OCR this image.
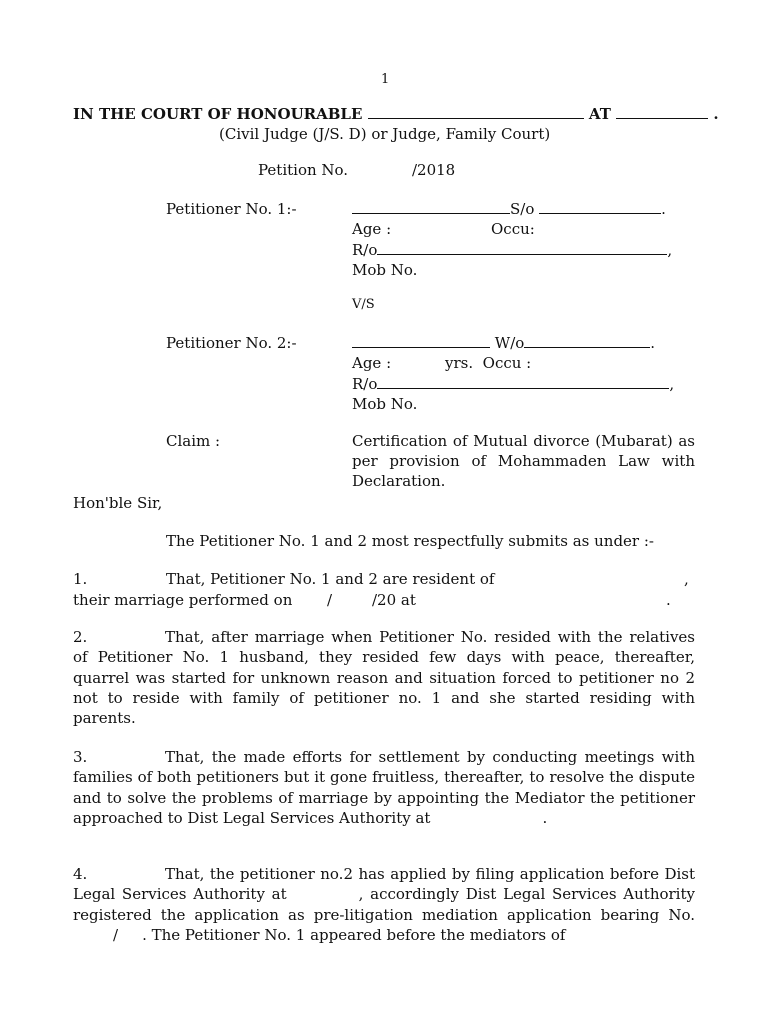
1
IN THE COURT OF HONOURABLE	AT	.
(Civil Judge (J/S. D) or Judge, Family Court)
Petition No.	/2018
Petitioner No. 1:-	S/o	.
Age :	Occu:
R/o	,
Mob No.
V/S
Petitioner No. 2:-	W/o	.
Age :	yrs.  Occu :
R/o	,
Mob No.
Claim :	Certification of Mutual divorce (Mubarat) as per provision of Mohammaden Law with Declaration.
Hon'ble Sir,
The Petitioner No. 1 and 2 most respectfully submits as under :-
1.	That, Petitioner No. 1 and 2 are resident of	,
their marriage performed on /	/20 at	.

2.	That, after marriage when Petitioner No. resided with the relatives of Petitioner No. 1 husband, they resided few days with peace, thereafter, quarrel was started for unknown reason and situation forced to petitioner no 2 not to reside with family of petitioner no. 1 and she started residing with parents.

3.	That, the made efforts for settlement by conducting meetings with families of both petitioners but it gone fruitless, thereafter, to resolve the dispute and to solve the problems of marriage by appointing the Mediator the petitioner approached to Dist Legal Services Authority at	.

4.	That, the petitioner no.2 has applied by filing application before Dist Legal Services Authority at	, accordingly Dist Legal Services Authority registered the application as pre-litigation mediation application bearing No./ . The Petitioner No. 1 appeared before the mediators of
